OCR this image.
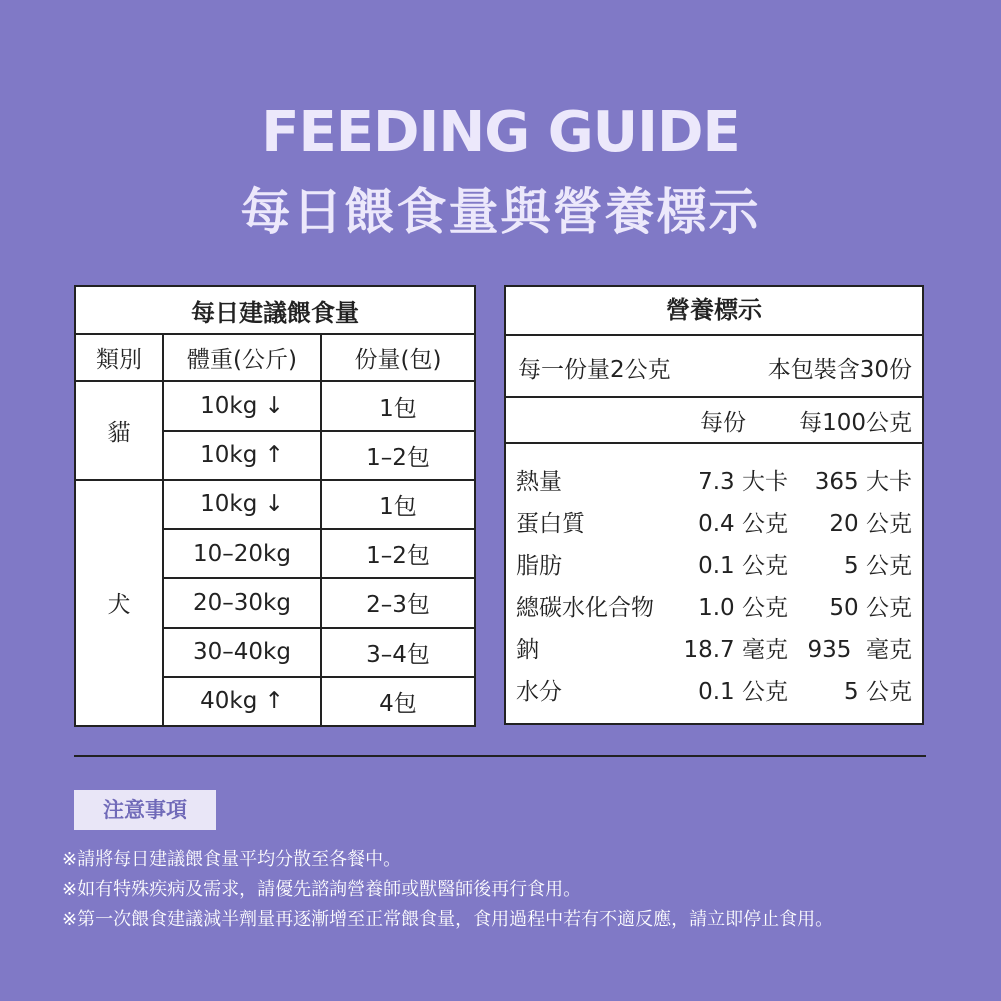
FEEDING GUIDE
每日餵食量與營養標示
每日建議餵食量		
類別	體重(公斤)	份量(包)
貓	10kg ↓	1包
	10kg ↑	1–2包
犬	10kg ↓	1包
	10–20kg	1–2包
	20–30kg	2–3包
	30–40kg	3–4包
	40kg ↑	4包
營養標示
每一份量2公克	本包裝含30份
每份 每100公克
熱量	7.3 大卡 365 大卡
蛋白質	0.4 公克 20 公克
脂肪	0.1 公克 5 公克
總碳水化合物 1.0 公克 50 公克
鈉	18.7 毫克 935  毫克
水分	0.1 公克 5 公克
注意事項
※請將每日建議餵食量平均分散至各餐中。
※如有特殊疾病及需求，請優先諮詢營養師或獸醫師後再行食用。
※第一次餵食建議減半劑量再逐漸增至正常餵食量，食用過程中若有不適反應，請立即停止食用。
